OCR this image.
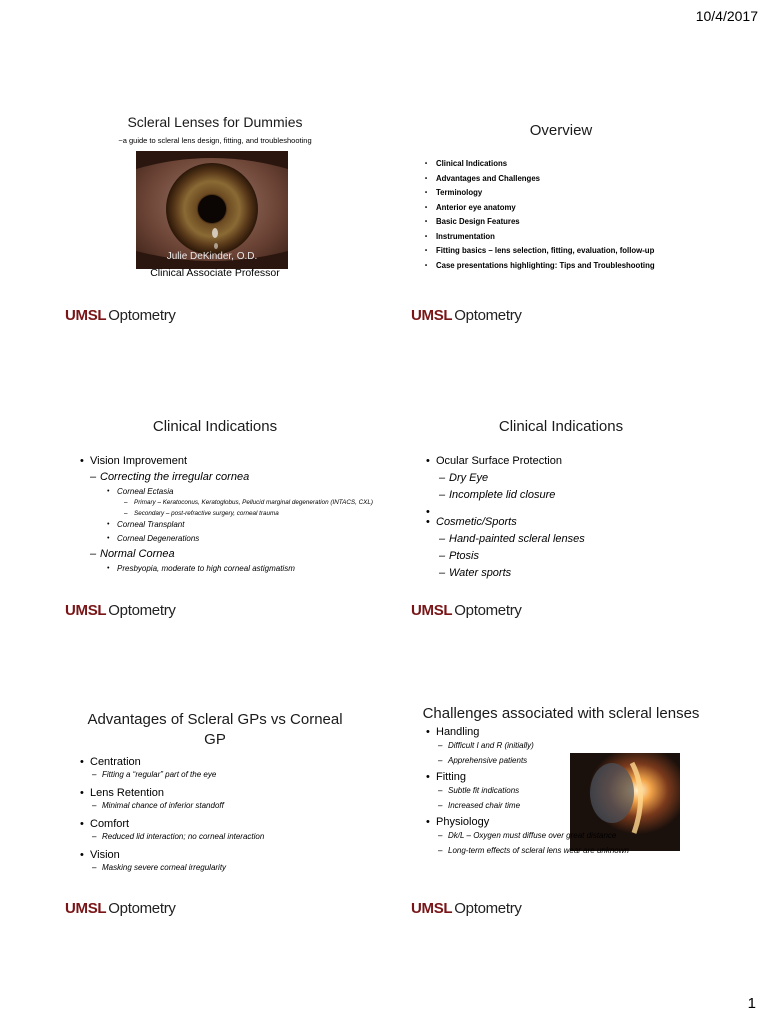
10/4/2017
Scleral Lenses for Dummies
~a guide to scleral lens design, fitting, and troubleshooting
Julie DeKinder, O.D.
Clinical Associate Professor
UMSL Optometry
Overview
• Clinical Indications
• Advantages and Challenges
• Terminology
• Anterior eye anatomy
• Basic Design Features
• Instrumentation
• Fitting basics – lens selection, fitting, evaluation, follow-up
• Case presentations highlighting: Tips and Troubleshooting
UMSL Optometry
Clinical Indications
• Vision Improvement
– Correcting the irregular cornea
• Corneal Ectasia
– Primary – Keratoconus, Keratoglobus, Pellucid marginal degeneration (INTACS, CXL)
– Secondary – post-refractive surgery, corneal trauma
• Corneal Transplant
• Corneal Degenerations
– Normal Cornea
• Presbyopia, moderate to high corneal astigmatism
UMSL Optometry
Clinical Indications
• Ocular Surface Protection
– Dry Eye
– Incomplete lid closure
•
• Cosmetic/Sports
– Hand-painted scleral lenses
– Ptosis
– Water sports
UMSL Optometry
Advantages of Scleral GPs vs Corneal GP
• Centration
– Fitting a “regular” part of the eye
• Lens Retention
– Minimal chance of inferior standoff
• Comfort
– Reduced lid interaction; no corneal interaction
• Vision
– Masking severe corneal irregularity
UMSL Optometry
Challenges associated with scleral lenses
• Handling
– Difficult I and R (initially)
– Apprehensive patients
• Fitting
– Subtle fit indications
– Increased chair time
• Physiology
– Dk/L – Oxygen must diffuse over great distance
– Long-term effects of scleral lens wear are unknown
UMSL Optometry
1
